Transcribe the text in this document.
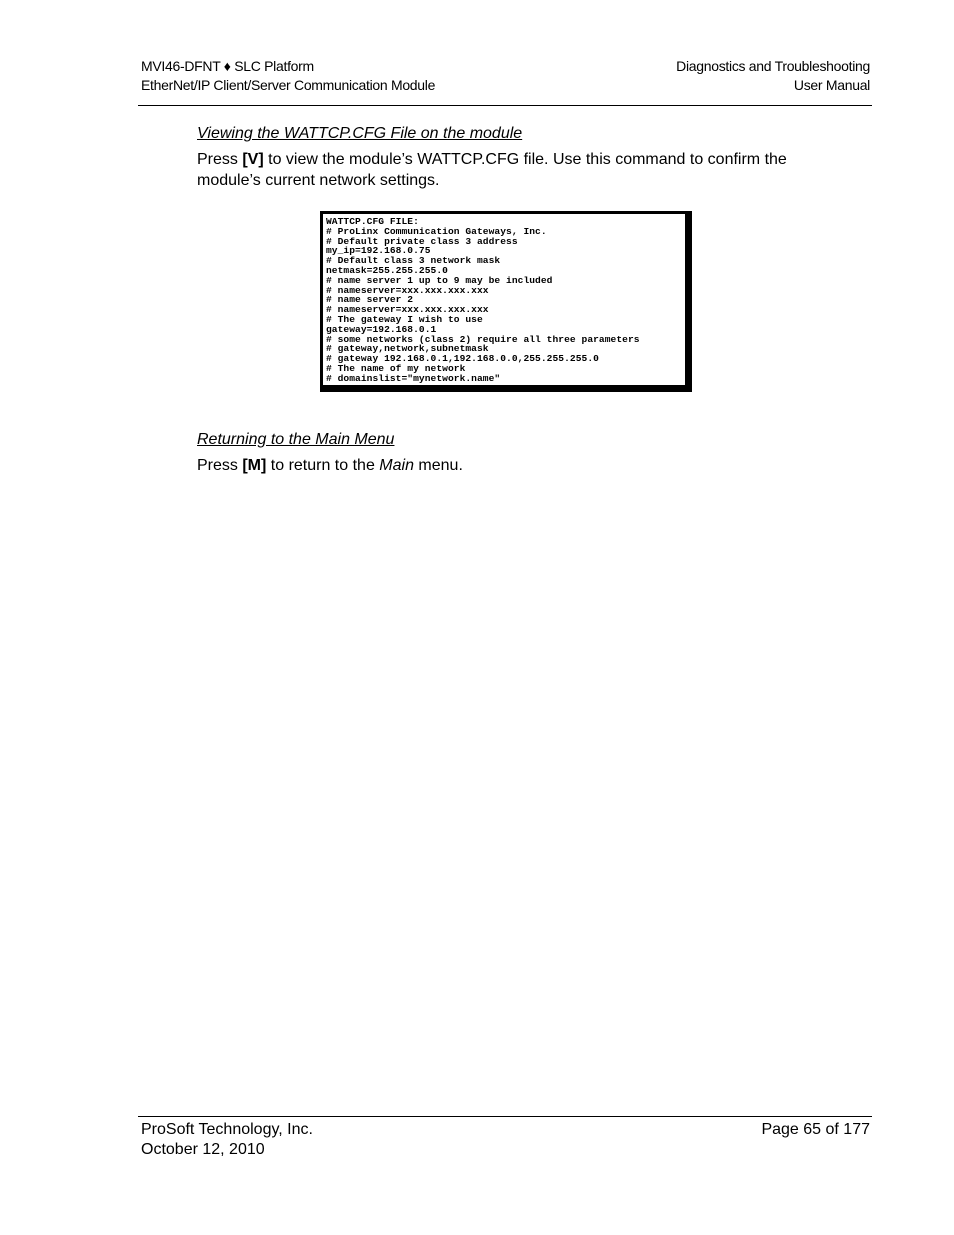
MVI46-DFNT ♦ SLC Platform
EtherNet/IP Client/Server Communication Module
Diagnostics and Troubleshooting
User Manual
Viewing the WATTCP.CFG File on the module
Press [V] to view the module’s WATTCP.CFG file. Use this command to confirm the module’s current network settings.
WATTCP.CFG FILE:
# ProLinx Communication Gateways, Inc.
# Default private class 3 address
my_ip=192.168.0.75
# Default class 3 network mask
netmask=255.255.255.0
# name server 1 up to 9 may be included
# nameserver=xxx.xxx.xxx.xxx
# name server 2
# nameserver=xxx.xxx.xxx.xxx
# The gateway I wish to use
gateway=192.168.0.1
# some networks (class 2) require all three parameters
# gateway,network,subnetmask
# gateway 192.168.0.1,192.168.0.0,255.255.255.0
# The name of my network
# domainslist="mynetwork.name"
Returning to the Main Menu
Press [M] to return to the Main menu.
ProSoft Technology, Inc.
October 12, 2010
Page 65 of 177
